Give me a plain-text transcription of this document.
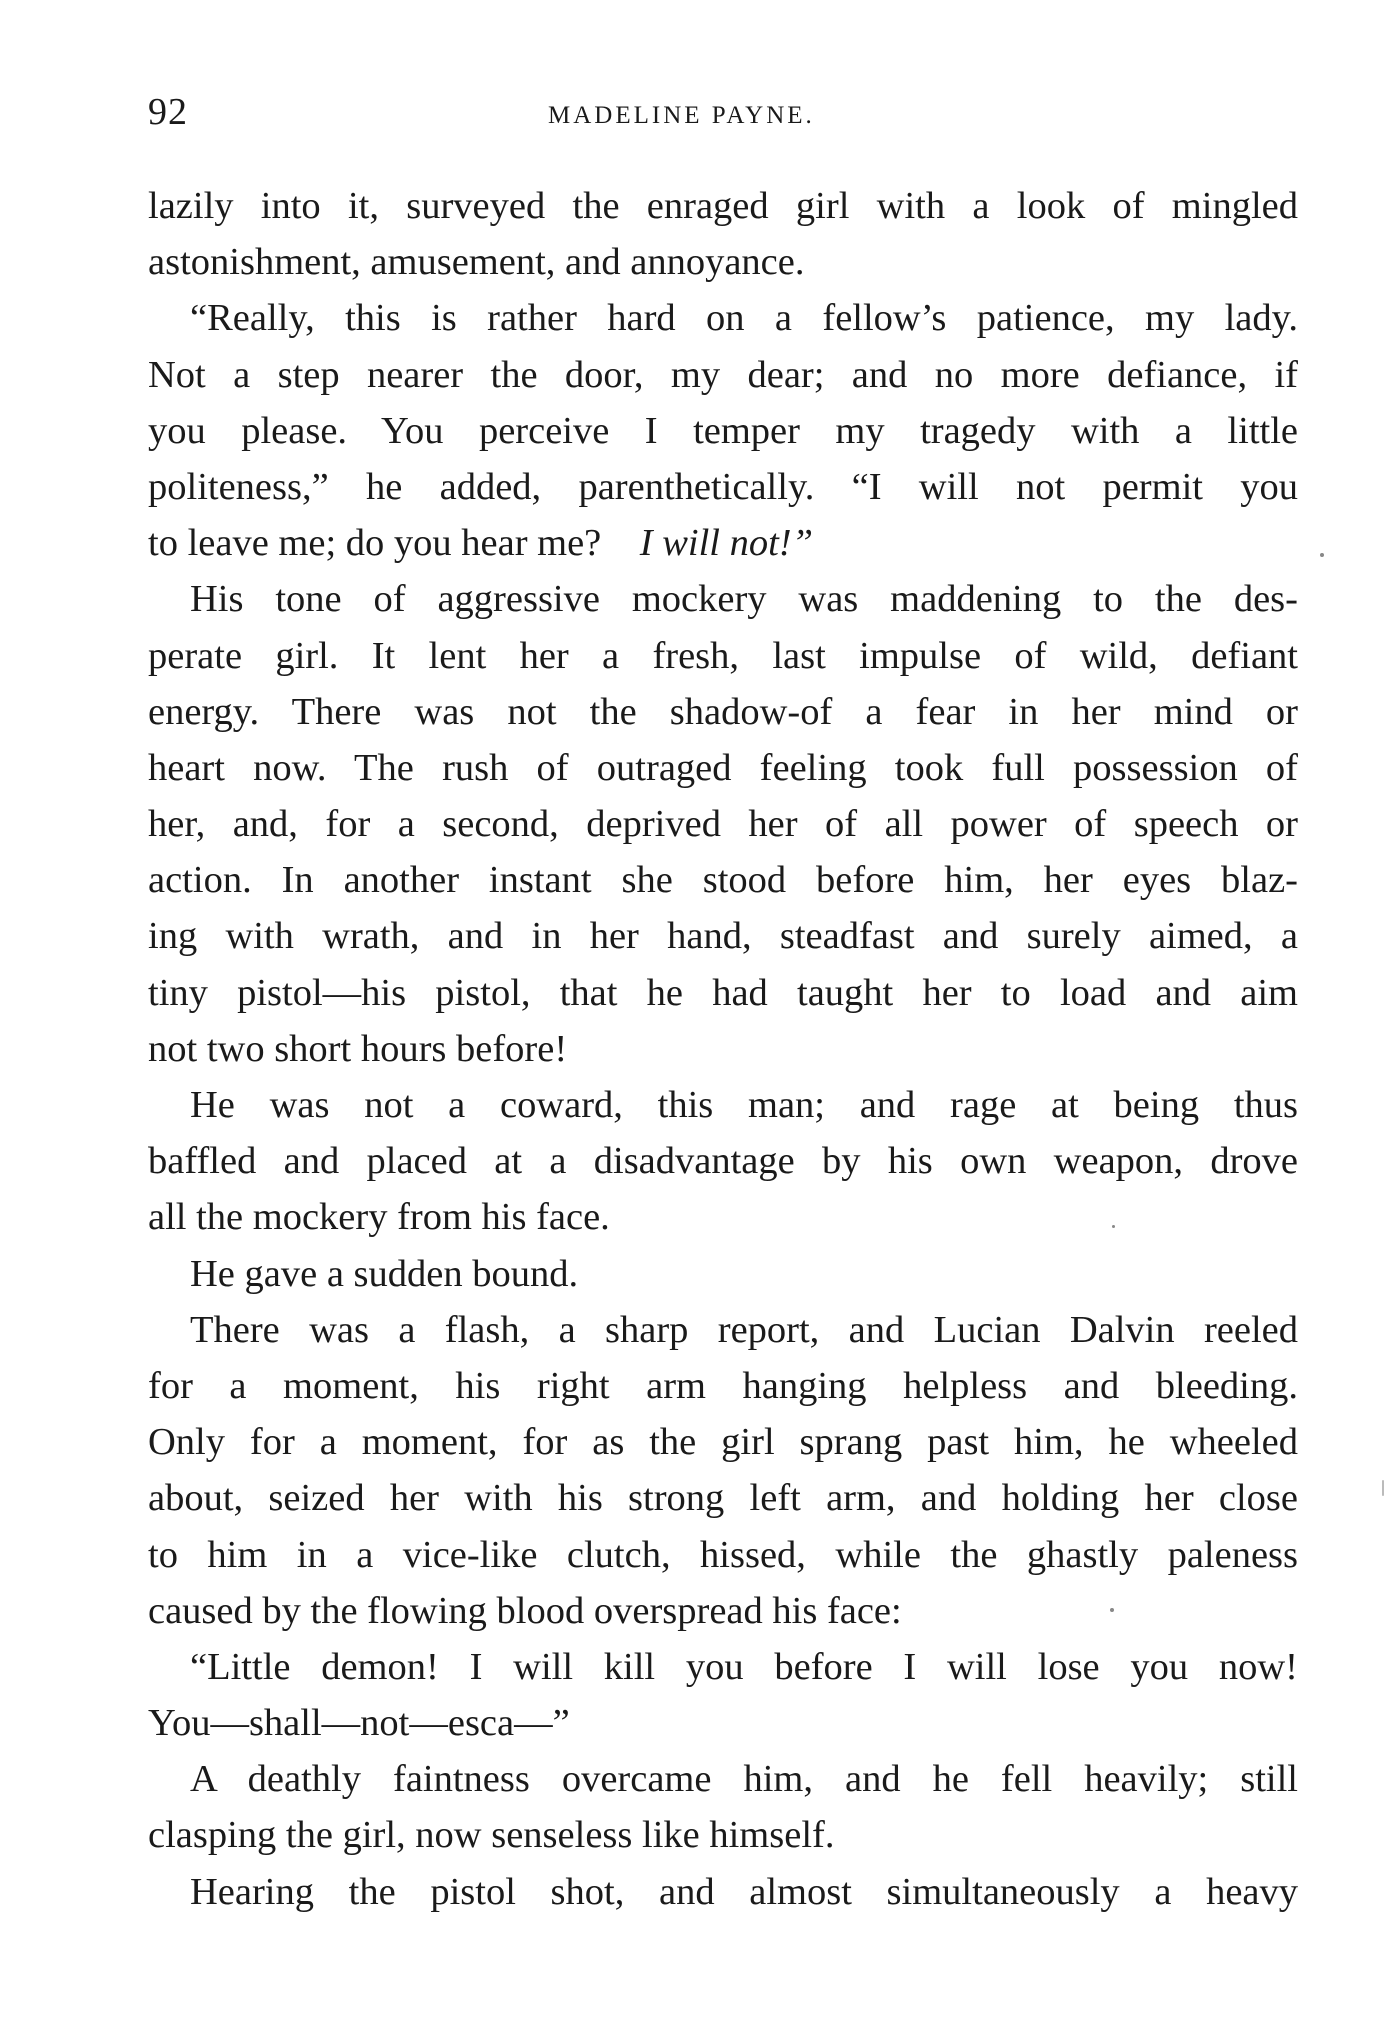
92	MADELINE PAYNE.
lazily into it, surveyed the enraged girl with a look of mingled
astonishment, amusement, and annoyance.
“Really, this is rather hard on a fellow’s patience, my lady.
Not a step nearer the door, my dear; and no more defiance, if
you please. You perceive I temper my tragedy with a little
politeness,” he added, parenthetically. “I will not permit you
to leave me; do you hear me?  I will not!”
His tone of aggressive mockery was maddening to the des-
perate girl. It lent her a fresh, last impulse of wild, defiant
energy. There was not the shadow-of a fear in her mind or
heart now. The rush of outraged feeling took full possession of
her, and, for a second, deprived her of all power of speech or
action. In another instant she stood before him, her eyes blaz-
ing with wrath, and in her hand, steadfast and surely aimed, a
tiny pistol—his pistol, that he had taught her to load and aim
not two short hours before!
He was not a coward, this man; and rage at being thus
baffled and placed at a disadvantage by his own weapon, drove
all the mockery from his face.
He gave a sudden bound.
There was a flash, a sharp report, and Lucian Dalvin reeled
for a moment, his right arm hanging helpless and bleeding.
Only for a moment, for as the girl sprang past him, he wheeled
about, seized her with his strong left arm, and holding her close
to him in a vice-like clutch, hissed, while the ghastly paleness
caused by the flowing blood overspread his face:
“Little demon! I will kill you before I will lose you now!
You—shall—not—esca—”
A deathly faintness overcame him, and he fell heavily; still
clasping the girl, now senseless like himself.
Hearing the pistol shot, and almost simultaneously a heavy
